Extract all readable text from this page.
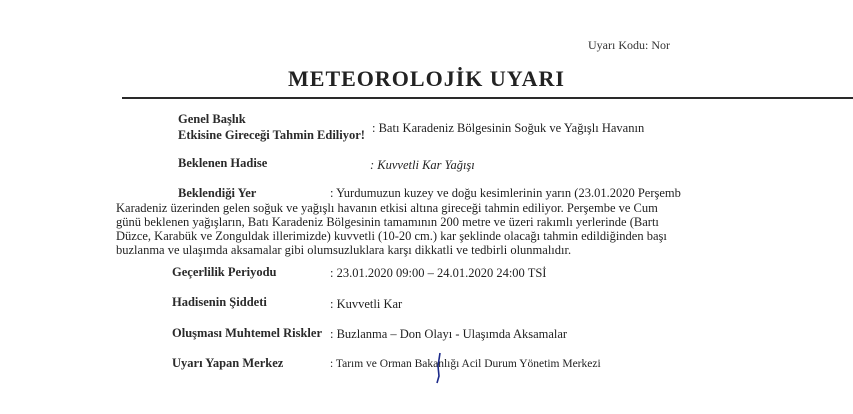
Uyarı Kodu: Nor
METEOROLOJİK UYARI
Genel Başlık
Etkisine Gireceği Tahmin Ediliyor! : Batı Karadeniz Bölgesinin Soğuk ve Yağışlı Havanın
Beklenen Hadise	: Kuvvetli Kar Yağışı
Beklendiği Yer	: Yurdumuzun kuzey ve doğu kesimlerinin yarın (23.01.2020 Perşemb
Karadeniz üzerinden gelen soğuk ve yağışlı havanın etkisi altına gireceği tahmin ediliyor. Perşembe ve Cum
günü beklenen yağışların, Batı Karadeniz Bölgesinin tamamının 200 metre ve üzeri rakımlı yerlerinde (Bartı
Düzce, Karabük ve Zonguldak illerimizde) kuvvetli (10-20 cm.) kar şeklinde olacağı tahmin edildiğinden başı
buzlanma ve ulaşımda aksamalar gibi olumsuzluklara karşı dikkatli ve tedbirli olunmalıdır.
Geçerlilik Periyodu	: 23.01.2020 09:00 – 24.01.2020 24:00 TSİ
Hadisenin Şiddeti	: Kuvvetli Kar
Oluşması Muhtemel Riskler : Buzlanma – Don Olayı - Ulaşımda Aksamalar
Uyarı Yapan Merkez	: Tarım ve Orman Bakanlığı Acil Durum Yönetim Merkezi
